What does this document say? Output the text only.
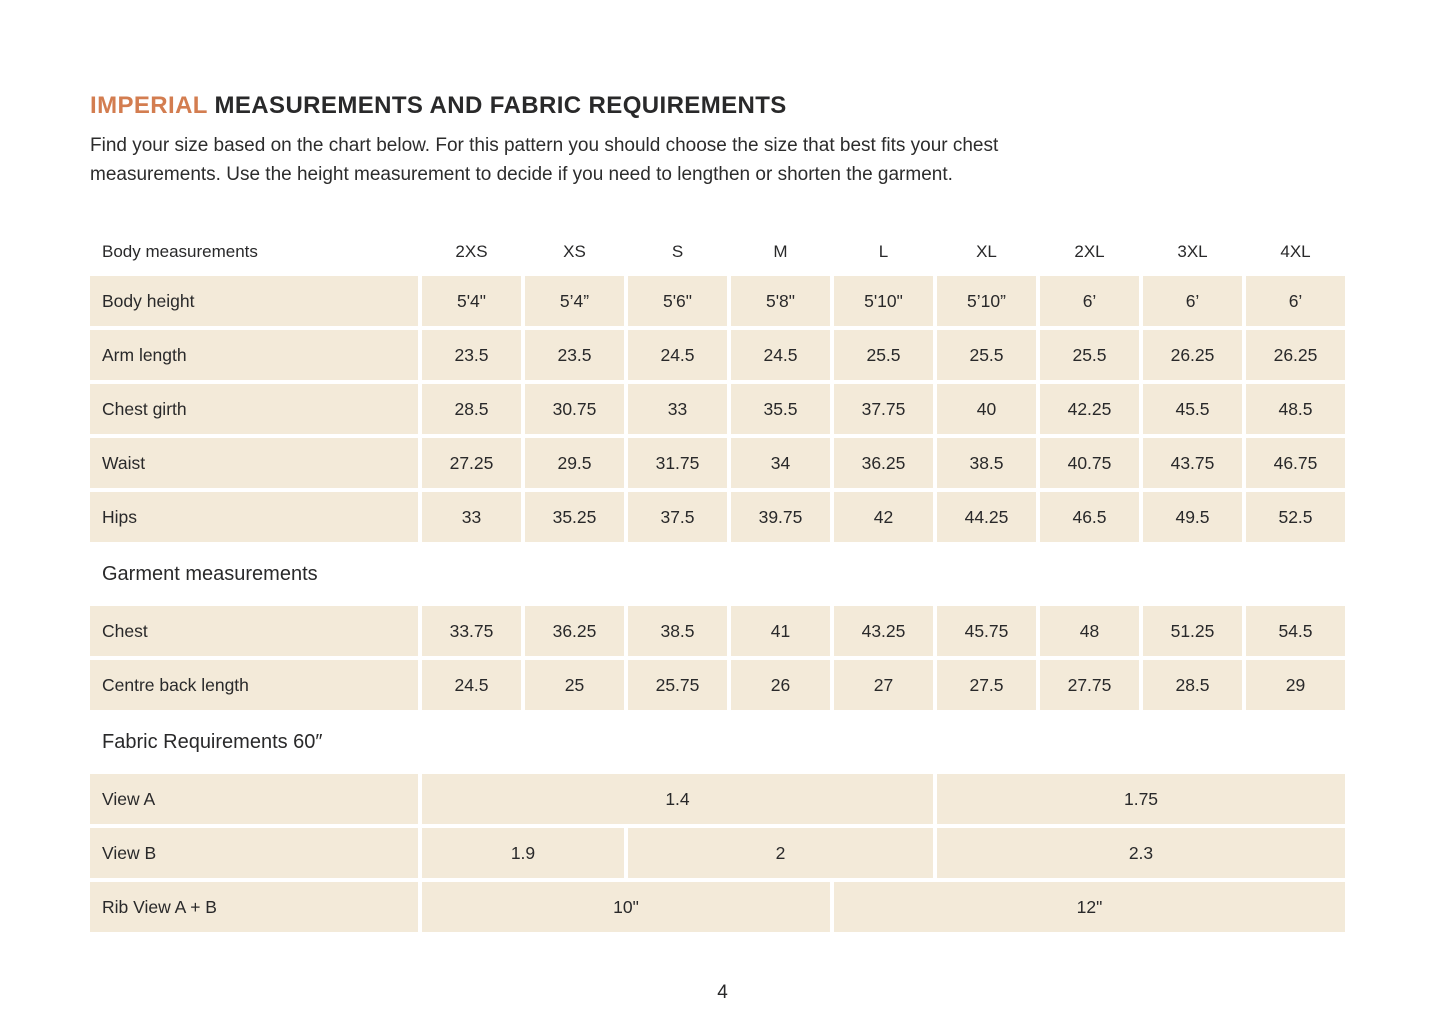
IMPERIAL MEASUREMENTS AND FABRIC REQUIREMENTS
Find your size based on the chart below. For this pattern you should choose the size that best fits your chest
measurements. Use the height measurement to decide if you need to lengthen or shorten the garment.
Body measurements	2XS	XS	S	M	L	XL	2XL	3XL	4XL
Body height	5'4"	5’4”	5'6"	5'8"	5'10"	5’10”	6’	6’	6’
Arm length	23.5	23.5	24.5	24.5	25.5	25.5	25.5	26.25	26.25
Chest girth	28.5	30.75	33	35.5	37.75	40	42.25	45.5	48.5
Waist	27.25	29.5	31.75	34	36.25	38.5	40.75	43.75	46.75
Hips	33	35.25	37.5	39.75	42	44.25	46.5	49.5	52.5
Garment measurements									
Chest	33.75	36.25	38.5	41	43.25	45.75	48	51.25	54.5
Centre back length	24.5	25	25.75	26	27	27.5	27.75	28.5	29
Fabric Requirements 60″									
View A	1.4					1.75			
View B	1.9		2			2.3			
Rib View A + B	10"				12"				
4
